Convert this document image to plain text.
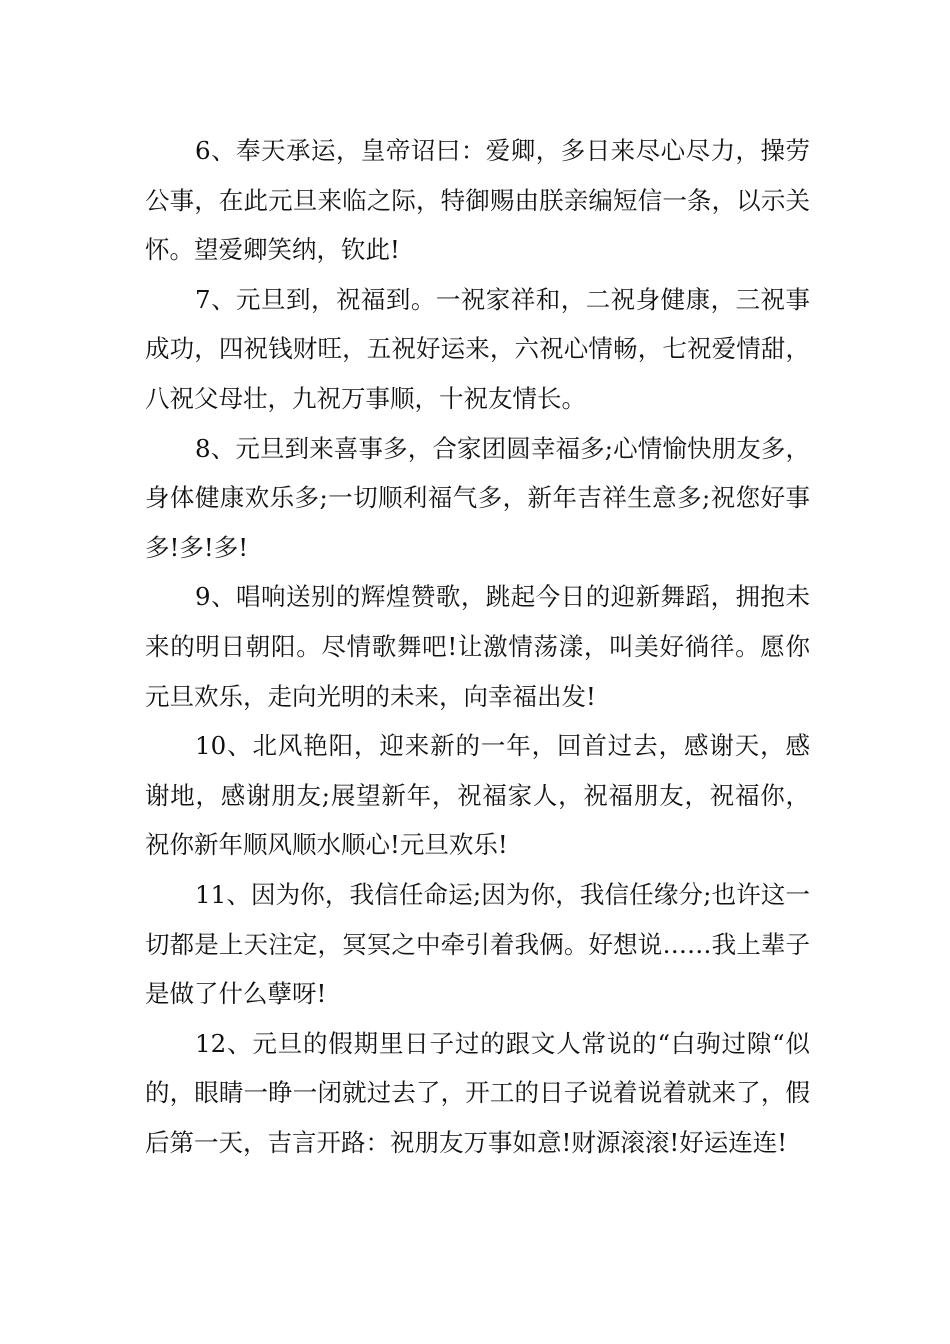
6、奉天承运，皇帝诏曰：爱卿，多日来尽心尽力，操劳公事，在此元旦来临之际，特御赐由朕亲编短信一条，以示关怀。望爱卿笑纳，钦此!

7、元旦到，祝福到。一祝家祥和，二祝身健康，三祝事成功，四祝钱财旺，五祝好运来，六祝心情畅，七祝爱情甜，八祝父母壮，九祝万事顺，十祝友情长。

8、元旦到来喜事多，合家团圆幸福多;心情愉快朋友多，身体健康欢乐多;一切顺利福气多，新年吉祥生意多;祝您好事多!多!多!

9、唱响送别的辉煌赞歌，跳起今日的迎新舞蹈，拥抱未来的明日朝阳。尽情歌舞吧!让激情荡漾，叫美好徜徉。愿你元旦欢乐，走向光明的未来，向幸福出发!

10、北风艳阳，迎来新的一年，回首过去，感谢天，感谢地，感谢朋友;展望新年，祝福家人，祝福朋友，祝福你，祝你新年顺风顺水顺心!元旦欢乐!

11、因为你，我信任命运;因为你，我信任缘分;也许这一切都是上天注定，冥冥之中牵引着我俩。好想说……我上辈子是做了什么孽呀!

12、元旦的假期里日子过的跟文人常说的“白驹过隙“似的，眼睛一睁一闭就过去了，开工的日子说着说着就来了，假后第一天，吉言开路：祝朋友万事如意!财源滚滚!好运连连!
